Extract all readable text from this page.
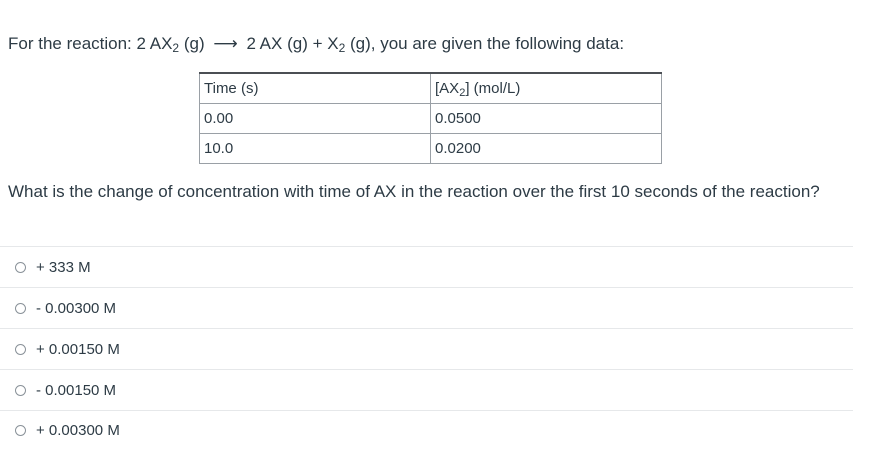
For the reaction: 2 $AX_2$ (g) ⟶ 2 AX $(g) + X_2$ (g), you are given the following data:
Time (s)	$[AX_2]$ (mol/L)
0.00	0.0500
10.0	0.0200
What is the change of concentration with time of AX in the reaction over the first 10 seconds of the reaction?
+ 333 M
- 0.00300 M
+ 0.00150 M
- 0.00150 M
+ 0.00300 M
